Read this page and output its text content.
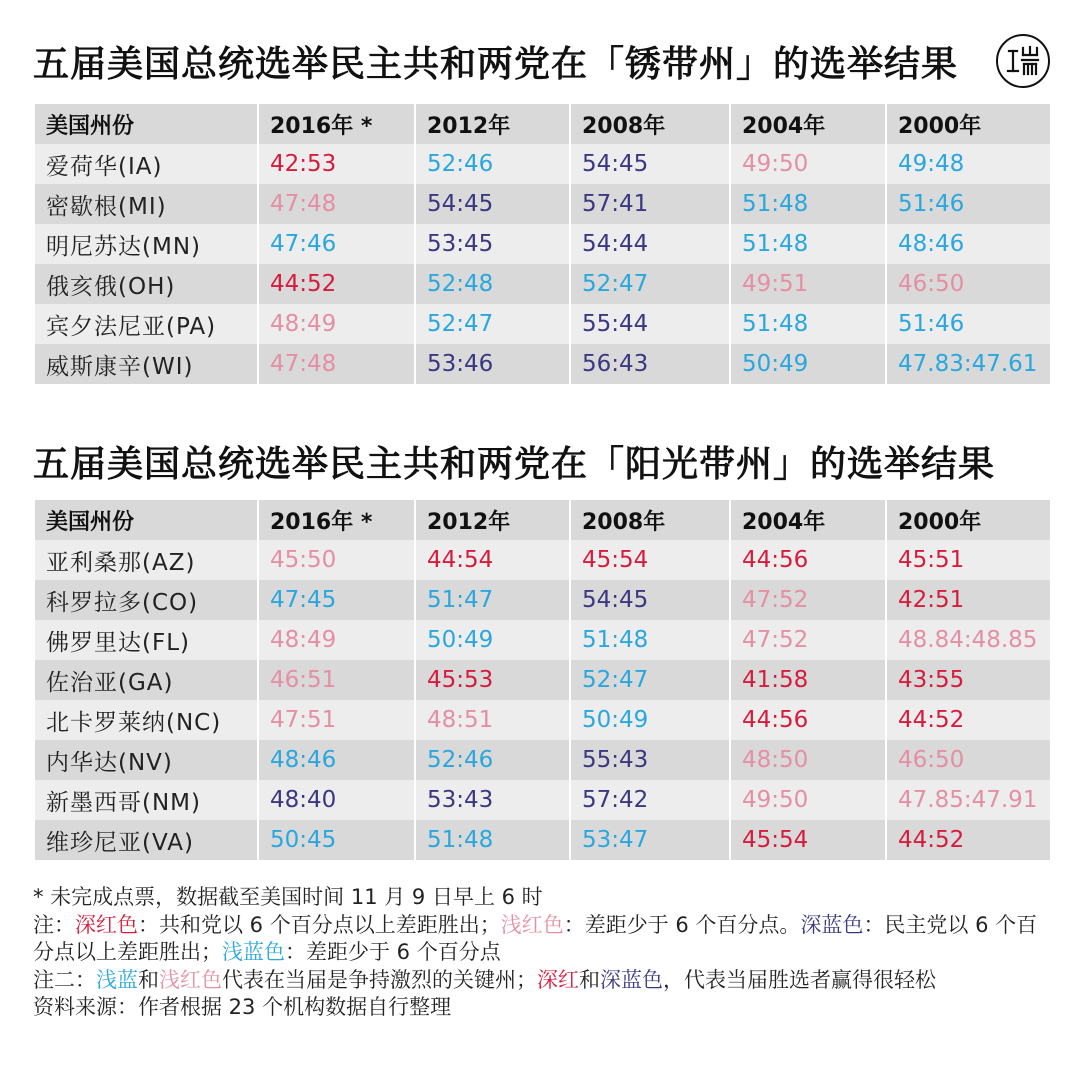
五届美国总统选举民主共和两党在「锈带州」的选举结果
美国州份	2016年 *	2012年	2008年	2004年	2000年
爱荷华(IA)	42:53	52:46	54:45	49:50	49:48
密歇根(MI)	47:48	54:45	57:41	51:48	51:46
明尼苏达(MN)	47:46	53:45	54:44	51:48	48:46
俄亥俄(OH)	44:52	52:48	52:47	49:51	46:50
宾夕法尼亚(PA)	48:49	52:47	55:44	51:48	51:46
威斯康辛(WI)	47:48	53:46	56:43	50:49	47.83:47.61
五届美国总统选举民主共和两党在「阳光带州」的选举结果
美国州份	2016年 *	2012年	2008年	2004年	2000年
亚利桑那(AZ)	45:50	44:54	45:54	44:56	45:51
科罗拉多(CO)	47:45	51:47	54:45	47:52	42:51
佛罗里达(FL)	48:49	50:49	51:48	47:52	48.84:48.85
佐治亚(GA)	46:51	45:53	52:47	41:58	43:55
北卡罗莱纳(NC)	47:51	48:51	50:49	44:56	44:52
内华达(NV)	48:46	52:46	55:43	48:50	46:50
新墨西哥(NM)	48:40	53:43	57:42	49:50	47.85:47.91
维珍尼亚(VA)	50:45	51:48	53:47	45:54	44:52

* 未完成点票，数据截至美国时间 11 月 9 日早上 6 时

注：深红色：共和党以 6 个百分点以上差距胜出；浅红色：差距少于 6 个百分点。深蓝色：民主党以 6 个百分点以上差距胜出；浅蓝色：差距少于 6 个百分点

注二：浅蓝和浅红色代表在当届是争持激烈的关键州；深红和深蓝色，代表当届胜选者赢得很轻松

资料来源：作者根据 23 个机构数据自行整理
